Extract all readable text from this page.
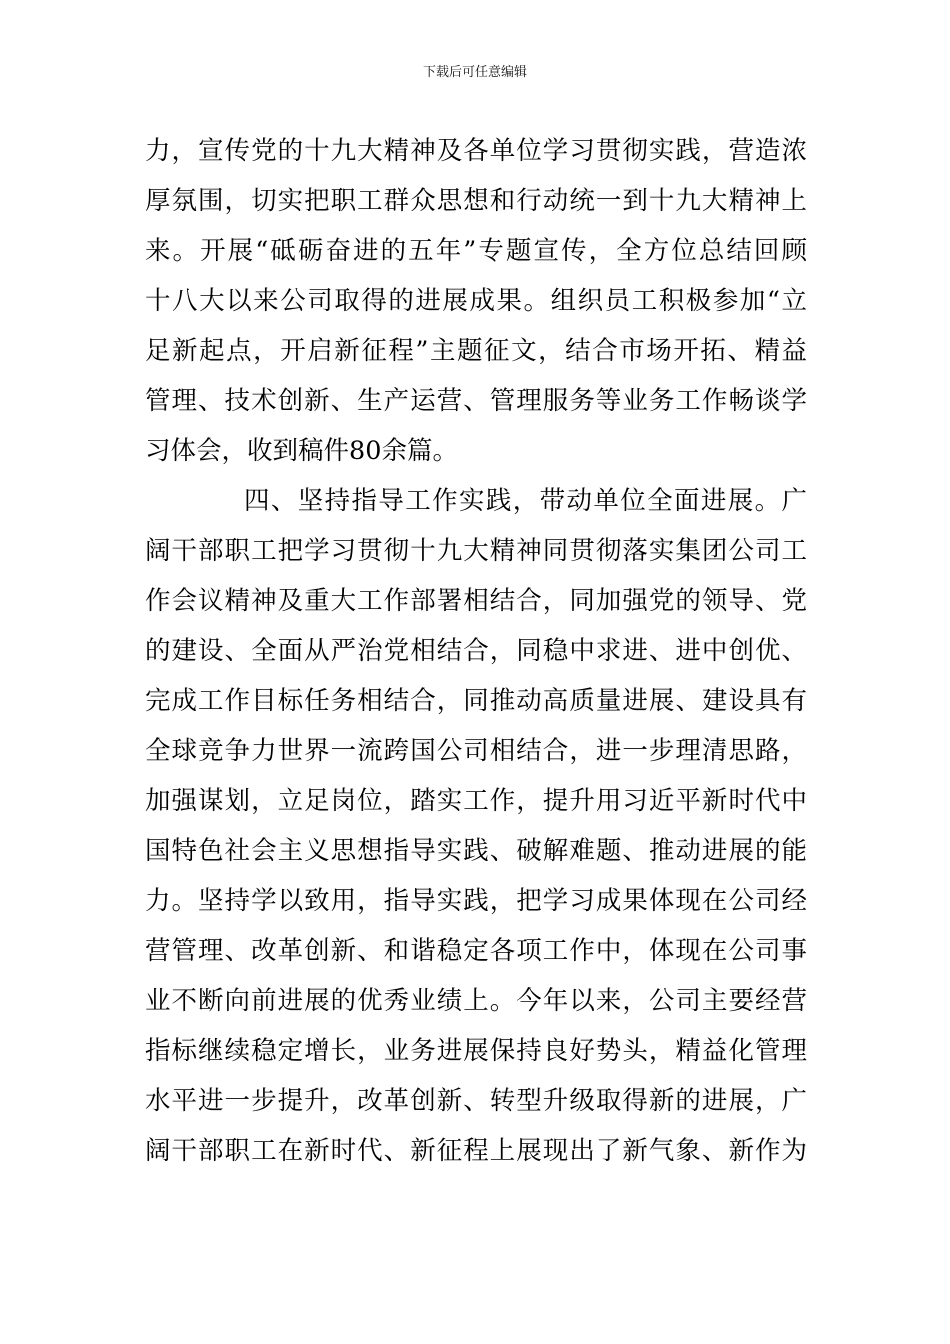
下载后可任意编辑
力，宣传党的十九大精神及各单位学习贯彻实践，营造浓
厚氛围，切实把职工群众思想和行动统一到十九大精神上
来。开展“砥砺奋进的五年”专题宣传，全方位总结回顾
十八大以来公司取得的进展成果。组织员工积极参加“立
足新起点，开启新征程”主题征文，结合市场开拓、精益
管理、技术创新、生产运营、管理服务等业务工作畅谈学
习体会，收到稿件80余篇。
四、坚持指导工作实践，带动单位全面进展。广
阔干部职工把学习贯彻十九大精神同贯彻落实集团公司工
作会议精神及重大工作部署相结合，同加强党的领导、党
的建设、全面从严治党相结合，同稳中求进、进中创优、
完成工作目标任务相结合，同推动高质量进展、建设具有
全球竞争力世界一流跨国公司相结合，进一步理清思路，
加强谋划，立足岗位，踏实工作，提升用习近平新时代中
国特色社会主义思想指导实践、破解难题、推动进展的能
力。坚持学以致用，指导实践，把学习成果体现在公司经
营管理、改革创新、和谐稳定各项工作中，体现在公司事
业不断向前进展的优秀业绩上。今年以来，公司主要经营
指标继续稳定增长，业务进展保持良好势头，精益化管理
水平进一步提升，改革创新、转型升级取得新的进展，广
阔干部职工在新时代、新征程上展现出了新气象、新作为
